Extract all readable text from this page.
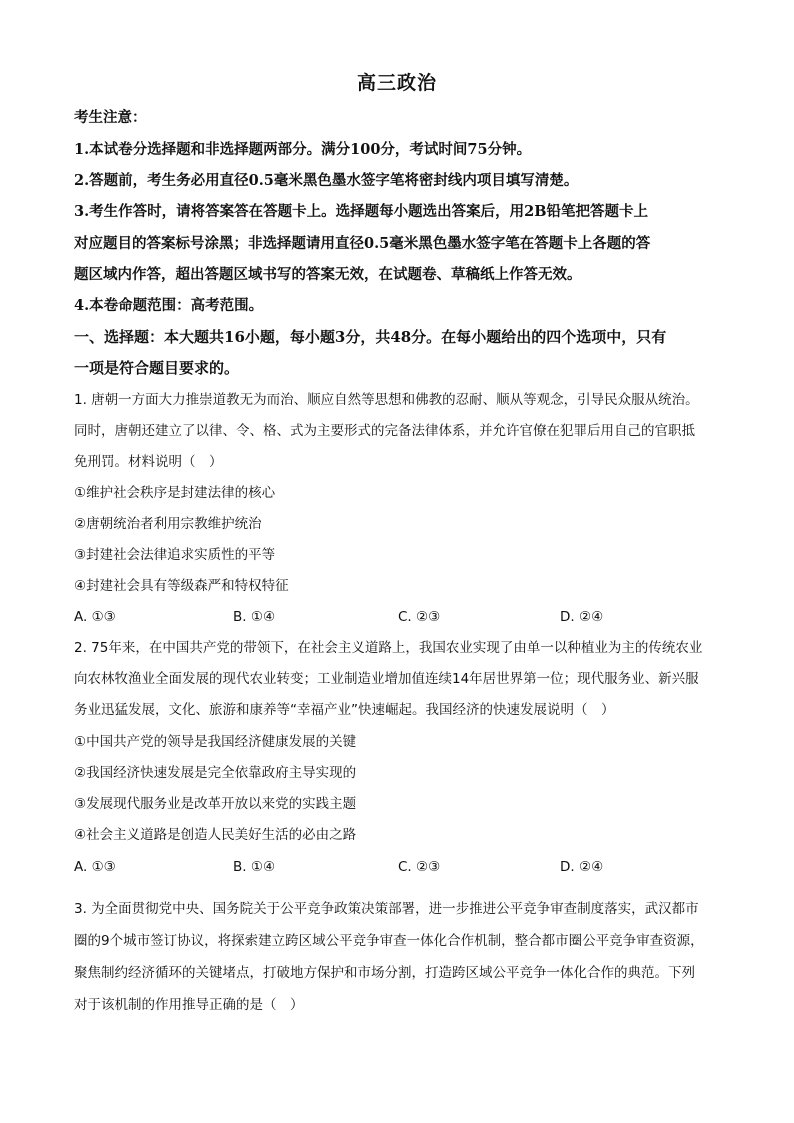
高三政治
考生注意：
1.本试卷分选择题和非选择题两部分。满分100分，考试时间75分钟。
2.答题前，考生务必用直径0.5毫米黑色墨水签字笔将密封线内项目填写清楚。
3.考生作答时，请将答案答在答题卡上。选择题每小题选出答案后，用2B铅笔把答题卡上
对应题目的答案标号涂黑；非选择题请用直径0.5毫米黑色墨水签字笔在答题卡上各题的答
题区域内作答，超出答题区域书写的答案无效，在试题卷、草稿纸上作答无效。
4.本卷命题范围：高考范围。
一、选择题：本大题共16小题，每小题3分，共48分。在每小题给出的四个选项中，只有
一项是符合题目要求的。
1. 唐朝一方面大力推崇道教无为而治、顺应自然等思想和佛教的忍耐、顺从等观念，引导民众服从统治。
同时，唐朝还建立了以律、令、格、式为主要形式的完备法律体系，并允许官僚在犯罪后用自己的官职抵
免刑罚。材料说明（　）
①维护社会秩序是封建法律的核心
②唐朝统治者利用宗教维护统治
③封建社会法律追求实质性的平等
④封建社会具有等级森严和特权特征
A. ①③	B. ①④	C. ②③	D. ②④
2. 75年来，在中国共产党的带领下，在社会主义道路上，我国农业实现了由单一以种植业为主的传统农业
向农林牧渔业全面发展的现代农业转变；工业制造业增加值连续14年居世界第一位；现代服务业、新兴服
务业迅猛发展，文化、旅游和康养等“幸福产业”快速崛起。我国经济的快速发展说明（　）
①中国共产党的领导是我国经济健康发展的关键
②我国经济快速发展是完全依靠政府主导实现的
③发展现代服务业是改革开放以来党的实践主题
④社会主义道路是创造人民美好生活的必由之路
A. ①③	B. ①④	C. ②③	D. ②④
3. 为全面贯彻党中央、国务院关于公平竞争政策决策部署，进一步推进公平竞争审查制度落实，武汉都市
圈的9个城市签订协议，将探索建立跨区域公平竞争审查一体化合作机制，整合都市圈公平竞争审查资源，
聚焦制约经济循环的关键堵点，打破地方保护和市场分割，打造跨区域公平竞争一体化合作的典范。下列
对于该机制的作用推导正确的是（　）
